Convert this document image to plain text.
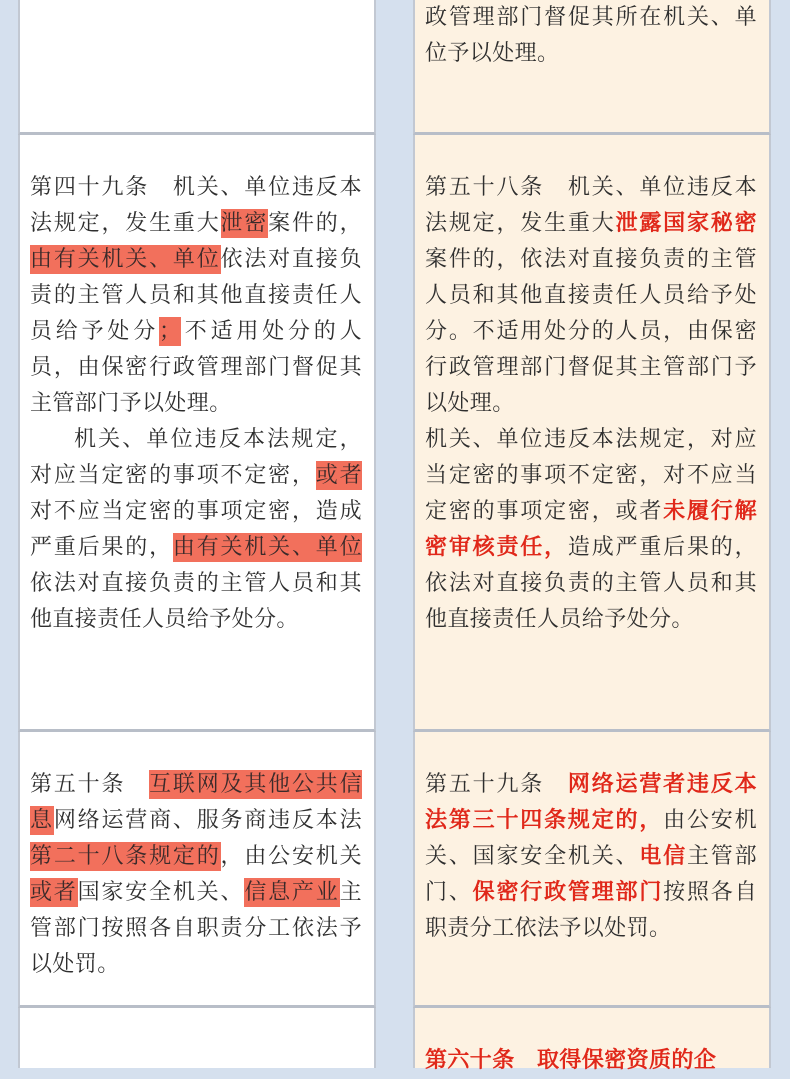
第四十九条　 机关、单位违反本法规定，发生重大泄密案件的，由有关机关、单位依法对直接负责的主管人员和其他直接责任人员给予处分；不适用处分的人员，由保密行政管理部门督促其主管部门予以处理。

机关、单位违反本法规定，对应当定密的事项不定密，或者对不应当定密的事项定密，造成严重后果的，由有关机关、单位依法对直接负责的主管人员和其他直接责任人员给予处分。

第五十条　 互联网及其他公共信息网络运营商、服务商违反本法第二十八条规定的，由公安机关或者国家安全机关、信息产业主管部门按照各自职责分工依法予以处罚。

政管理部门督促其所在机关、单位予以处理。

第五十八条　 机关、单位违反本法规定，发生重大泄露国家秘密案件的，依法对直接负责的主管人员和其他直接责任人员给予处分。不适用处分的人员，由保密行政管理部门督促其主管部门予以处理。

机关、单位违反本法规定，对应当定密的事项不定密，对不应当定密的事项定密，或者未履行解密审核责任，造成严重后果的，依法对直接负责的主管人员和其他直接责任人员给予处分。

第五十九条　 网络运营者违反本法第三十四条规定的，由公安机关、国家安全机关、电信主管部门、保密行政管理部门按照各自职责分工依法予以处罚。

第六十条　 取得保密资质的企
